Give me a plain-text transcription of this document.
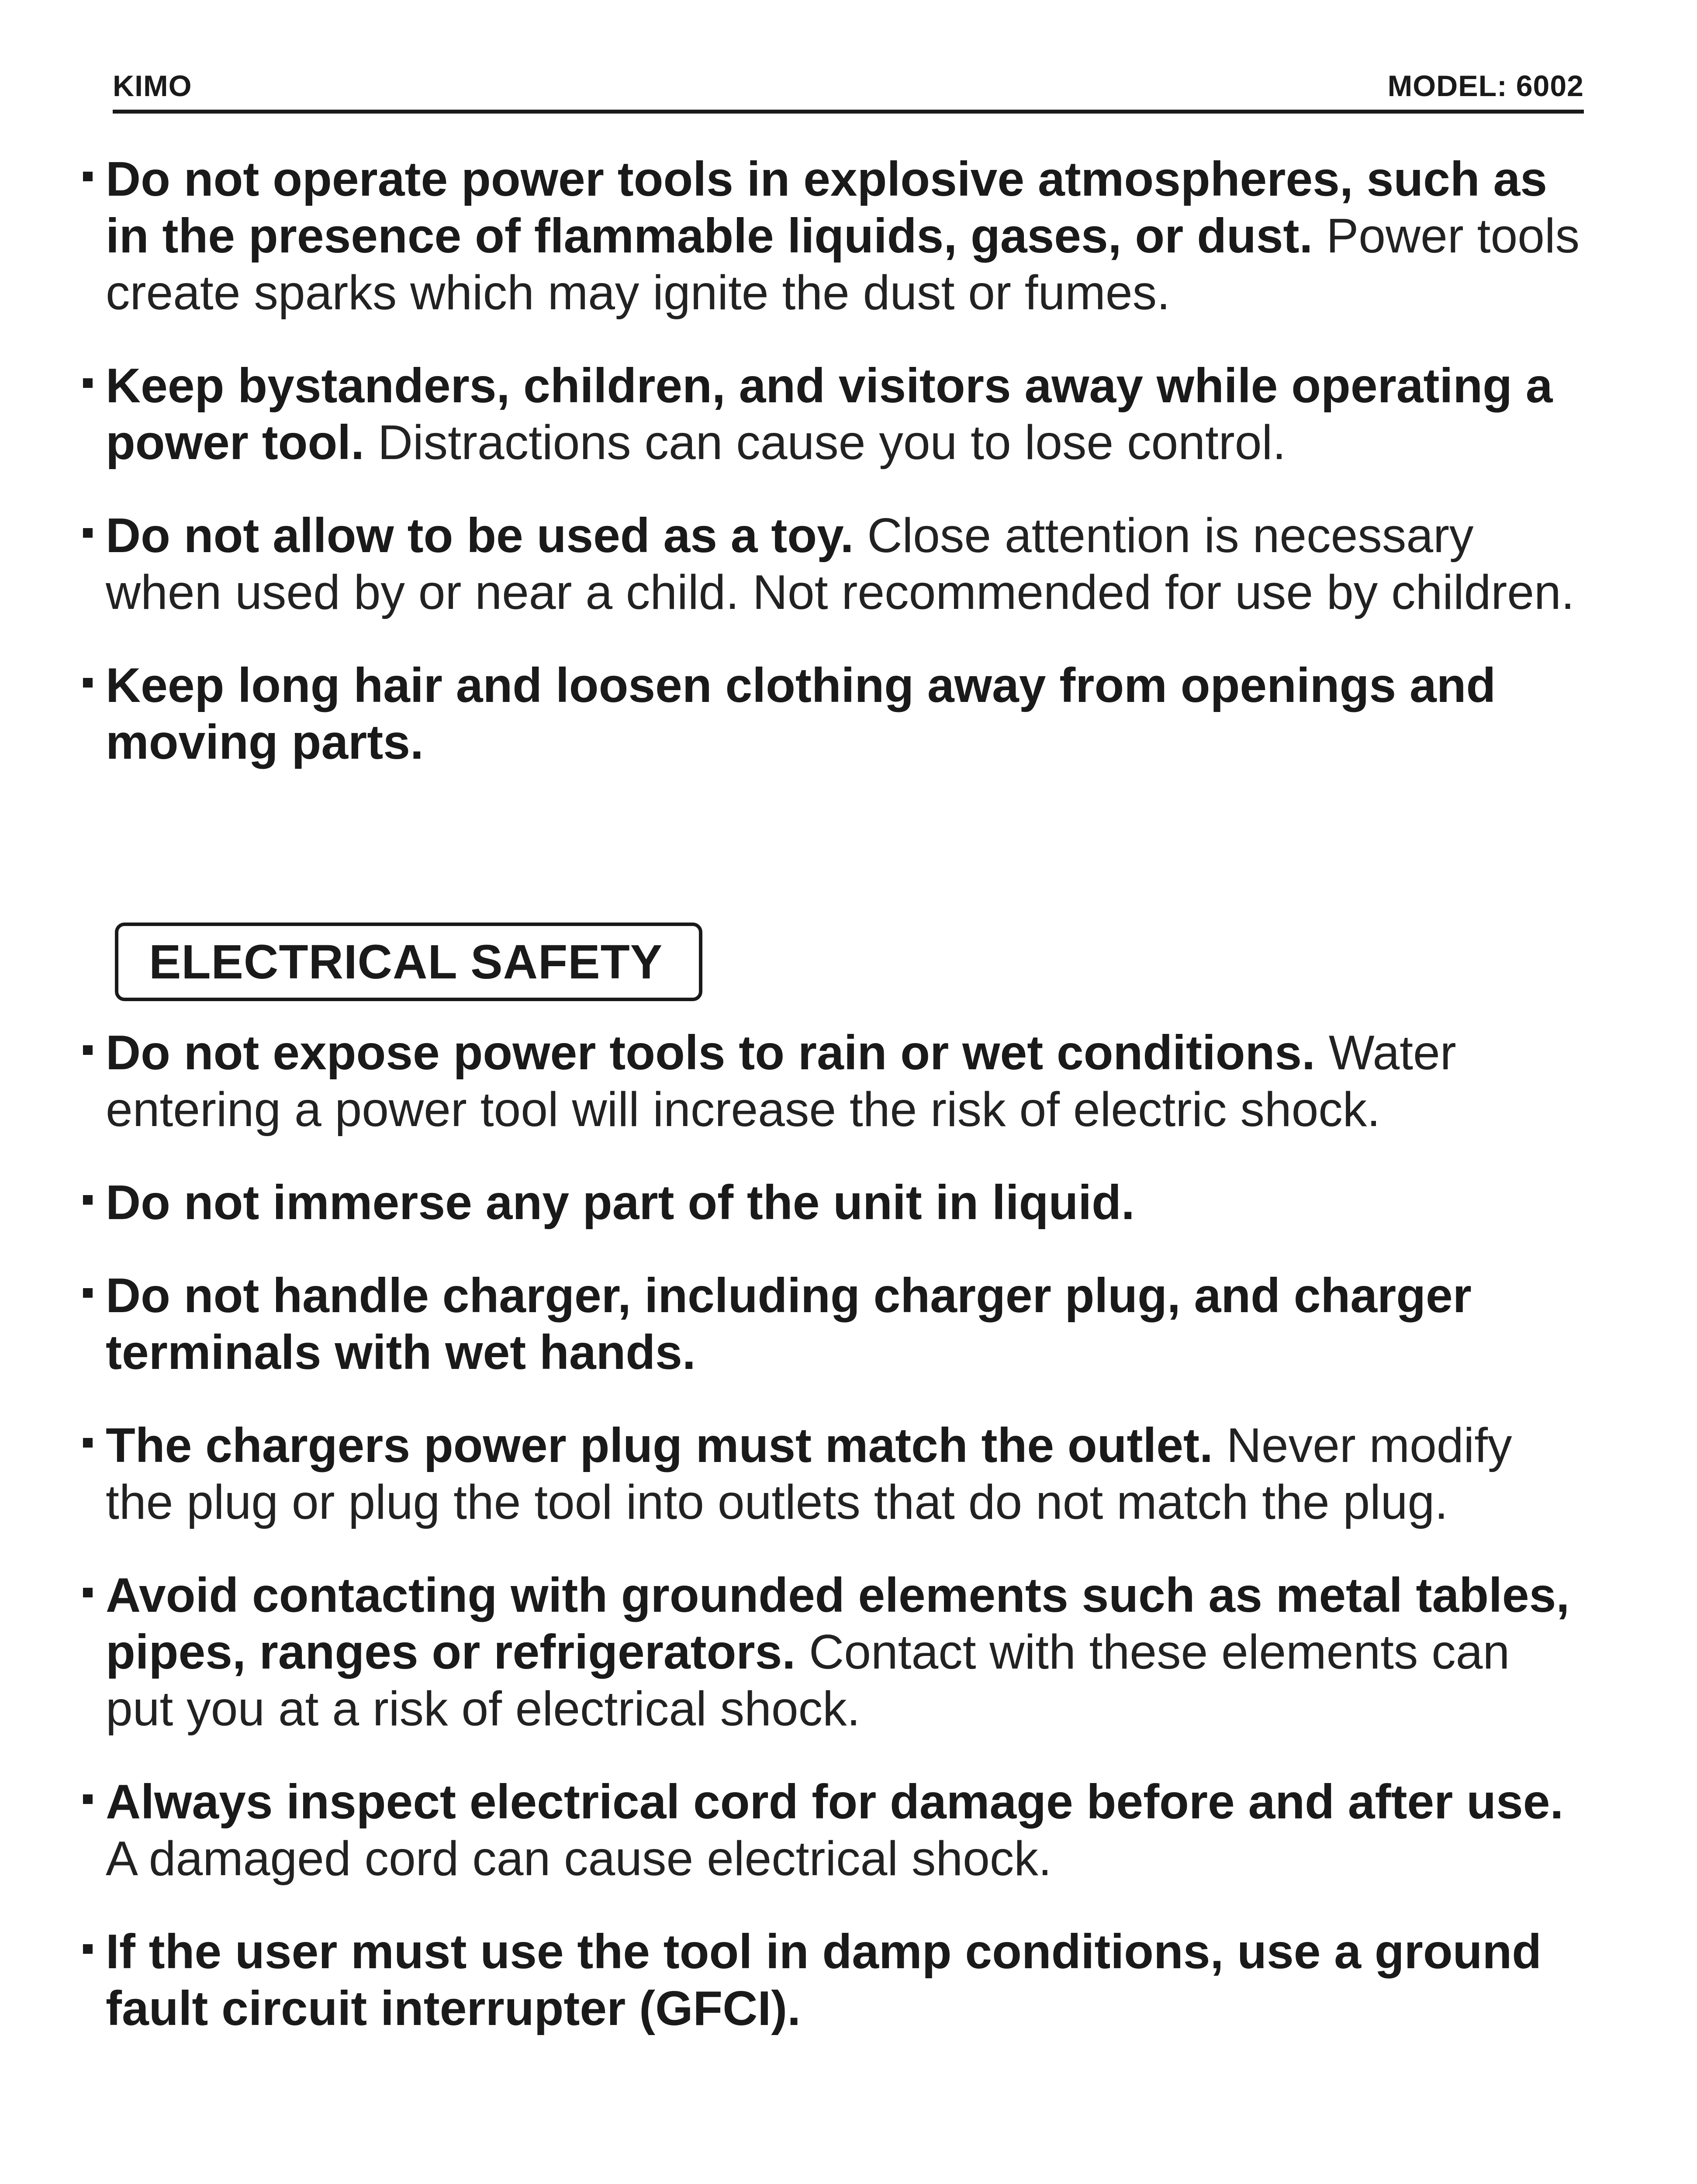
KIMO	MODEL: 6002
Do not operate power tools in explosive atmospheres, such as in the presence of flammable liquids, gases, or dust. Power tools create sparks which may ignite the dust or fumes.
Keep bystanders, children, and visitors away while operating a power tool. Distractions can cause you to lose control.
Do not allow to be used as a toy. Close attention is necessary when used by or near a child. Not recommended for use by children.
Keep long hair and loosen clothing away from openings and moving parts.
ELECTRICAL SAFETY
Do not expose power tools to rain or wet conditions. Water entering a power tool will increase the risk of electric shock.
Do not immerse any part of the unit in liquid.
Do not handle charger, including charger plug, and charger terminals with wet hands.
The chargers power plug must match the outlet. Never modify the plug or plug the tool into outlets that do not match the plug.
Avoid contacting with grounded elements such as metal tables, pipes, ranges or refrigerators. Contact with these elements can put you at a risk of electrical shock.
Always inspect electrical cord for damage before and after use. A damaged cord can cause electrical shock.
If the user must use the tool in damp conditions, use a ground fault circuit interrupter (GFCI).
